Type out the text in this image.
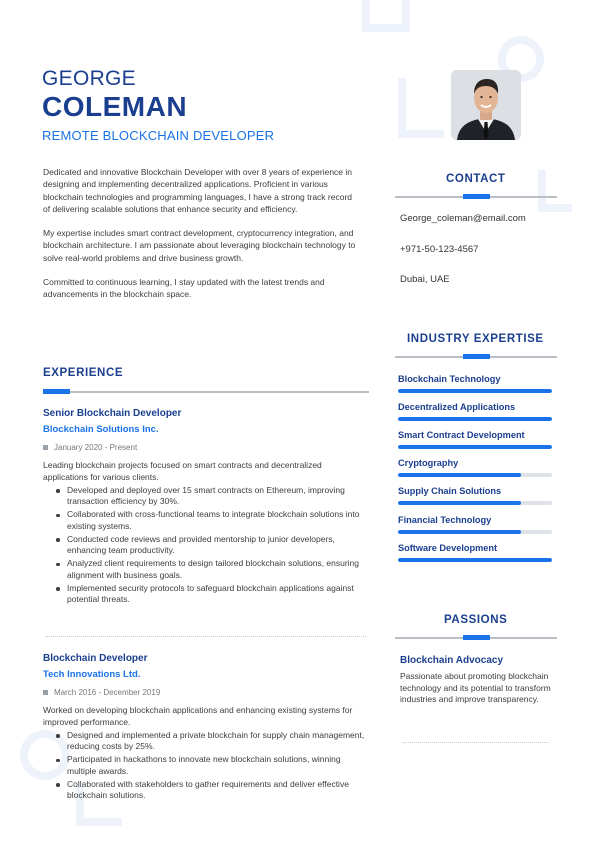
GEORGE
COLEMAN
REMOTE BLOCKCHAIN DEVELOPER

Dedicated and innovative Blockchain Developer with over 8 years of experience in designing and implementing decentralized applications. Proficient in various blockchain technologies and programming languages, I have a strong track record of delivering scalable solutions that enhance security and efficiency.

My expertise includes smart contract development, cryptocurrency integration, and blockchain architecture. I am passionate about leveraging blockchain technology to solve real-world problems and drive business growth.

Committed to continuous learning, I stay updated with the latest trends and advancements in the blockchain space.

EXPERIENCE
Senior Blockchain Developer
Blockchain Solutions Inc.
January 2020 - Present
Leading blockchain projects focused on smart contracts and decentralized applications for various clients.
Developed and deployed over 15 smart contracts on Ethereum, improving transaction efficiency by 30%.
Collaborated with cross-functional teams to integrate blockchain solutions into existing systems.
Conducted code reviews and provided mentorship to junior developers, enhancing team productivity.
Analyzed client requirements to design tailored blockchain solutions, ensuring alignment with business goals.
Implemented security protocols to safeguard blockchain applications against potential threats.
Blockchain Developer
Tech Innovations Ltd.
March 2016 - December 2019
Worked on developing blockchain applications and enhancing existing systems for improved performance.
Designed and implemented a private blockchain for supply chain management, reducing costs by 25%.
Participated in hackathons to innovate new blockchain solutions, winning multiple awards.
Collaborated with stakeholders to gather requirements and deliver effective blockchain solutions.
CONTACT
George_coleman@email.com
+971-50-123-4567
Dubai, UAE
INDUSTRY EXPERTISE
Blockchain Technology
Decentralized Applications
Smart Contract Development
Cryptography
Supply Chain Solutions
Financial Technology
Software Development
PASSIONS
Blockchain Advocacy
Passionate about promoting blockchain technology and its potential to transform industries and improve transparency.
